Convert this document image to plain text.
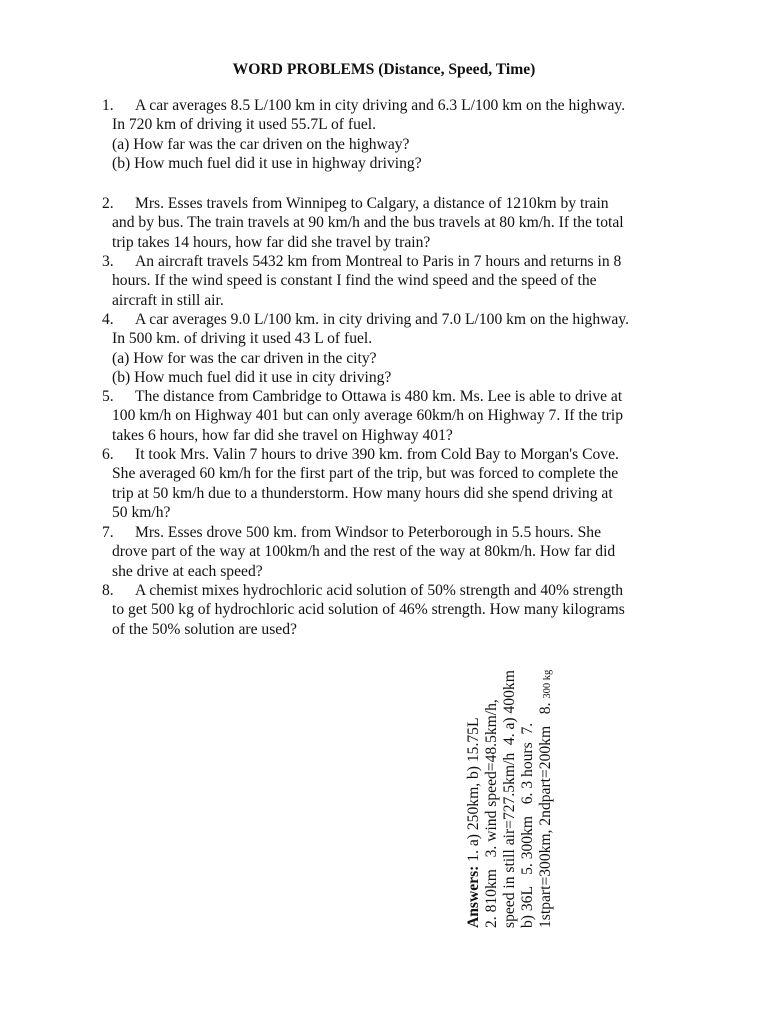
WORD PROBLEMS (Distance, Speed, Time)
1.	A car averages 8.5 L/100 km in city driving and 6.3 L/100 km on the highway.
In 720 km of driving it used 55.7L of fuel.
(a) How far was the car driven on the highway?
(b) How much fuel did it use in highway driving?
2.	Mrs. Esses travels from Winnipeg to Calgary, a distance of 1210km by train
and by bus. The train travels at 90 km/h and the bus travels at 80 km/h. If the total
trip takes 14 hours, how far did she travel by train?
3.	An aircraft travels 5432 km from Montreal to Paris in 7 hours and returns in 8
hours. If the wind speed is constant I find the wind speed and the speed of the
aircraft in still air.
4.	A car averages 9.0 L/100 km. in city driving and 7.0 L/100 km on the highway.
In 500 km. of driving it used 43 L of fuel.
(a) How for was the car driven in the city?
(b) How much fuel did it use in city driving?
5.	The distance from Cambridge to Ottawa is 480 km. Ms. Lee is able to drive at
100 km/h on Highway 401 but can only average 60km/h on Highway 7. If the trip
takes 6 hours, how far did she travel on Highway 401?
6.	It took Mrs. Valin 7 hours to drive 390 km. from Cold Bay to Morgan's Cove.
She averaged 60 km/h for the first part of the trip, but was forced to complete the
trip at 50 km/h due to a thunderstorm. How many hours did she spend driving at
50 km/h?
7.	Mrs. Esses drove 500 km. from Windsor to Peterborough in 5.5 hours. She
drove part of the way at 100km/h and the rest of the way at 80km/h. How far did
she drive at each speed?
8.	A chemist mixes hydrochloric acid solution of 50% strength and 40% strength
to get 500 kg of hydrochloric acid solution of 46% strength. How many kilograms
of the 50% solution are used?
Answers: 1. a) 250km, b) 15.75L 2. 810km   3. wind speed=48.5km/h, speed in still air=727.5km/h  4. a) 400km b) 36L   5. 300km   6. 3 hours  7. 1stpart=300km, 2ndpart=200km   8. 300 kg
